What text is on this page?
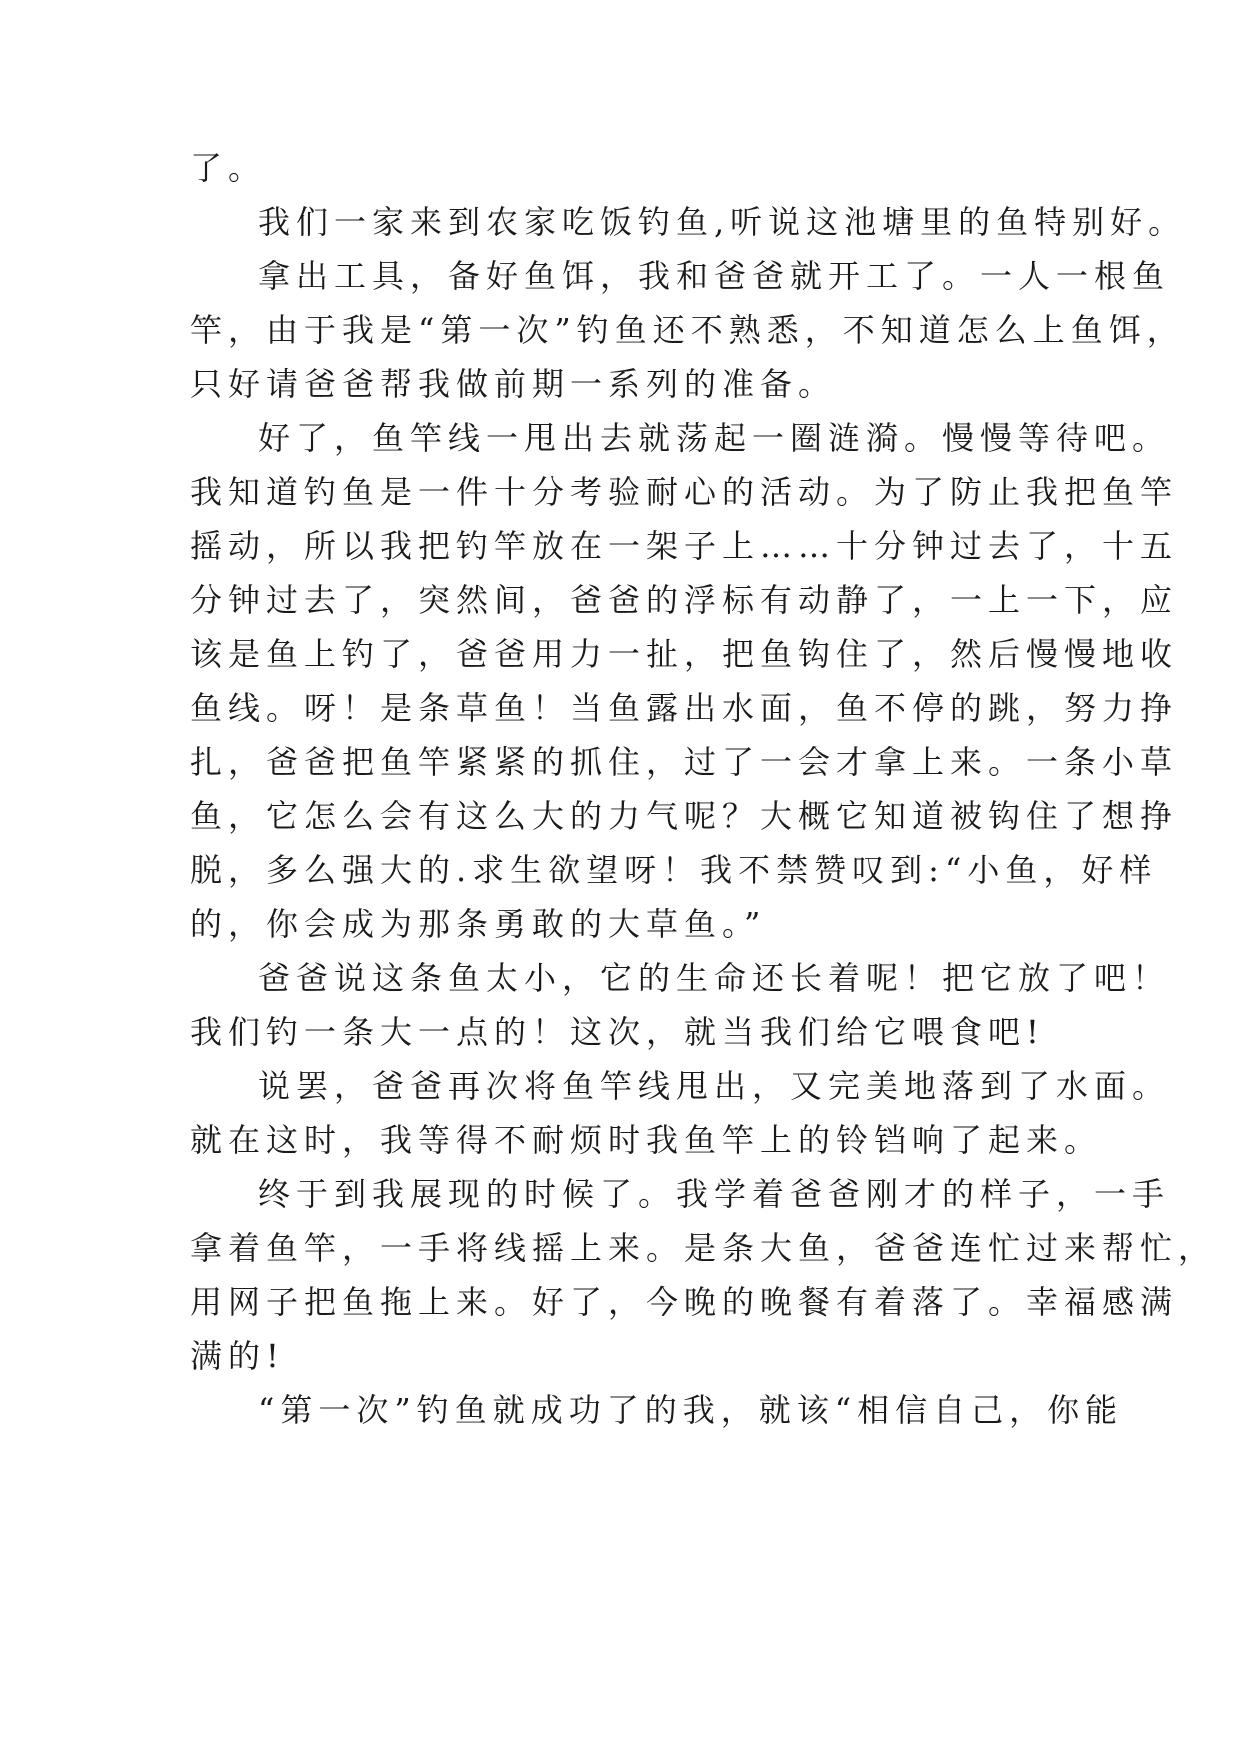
了。
我们一家来到农家吃饭钓鱼,听说这池塘里的鱼特别好。
拿出工具，备好鱼饵，我和爸爸就开工了。一人一根鱼
竿，由于我是“第一次”钓鱼还不熟悉，不知道怎么上鱼饵，
只好请爸爸帮我做前期一系列的准备。
好了，鱼竿线一甩出去就荡起一圈涟漪。慢慢等待吧。
我知道钓鱼是一件十分考验耐心的活动。为了防止我把鱼竿
摇动，所以我把钓竿放在一架子上……十分钟过去了，十五
分钟过去了，突然间，爸爸的浮标有动静了，一上一下，应
该是鱼上钓了，爸爸用力一扯，把鱼钩住了，然后慢慢地收
鱼线。呀！是条草鱼！当鱼露出水面，鱼不停的跳，努力挣
扎，爸爸把鱼竿紧紧的抓住，过了一会才拿上来。一条小草
鱼，它怎么会有这么大的力气呢？大概它知道被钩住了想挣
脱，多么强大的.求生欲望呀！我不禁赞叹到:“小鱼，好样
的，你会成为那条勇敢的大草鱼。”
爸爸说这条鱼太小，它的生命还长着呢！把它放了吧！
我们钓一条大一点的！这次，就当我们给它喂食吧!
说罢，爸爸再次将鱼竿线甩出，又完美地落到了水面。
就在这时，我等得不耐烦时我鱼竿上的铃铛响了起来。
终于到我展现的时候了。我学着爸爸刚才的样子，一手
拿着鱼竿，一手将线摇上来。是条大鱼，爸爸连忙过来帮忙，
用网子把鱼拖上来。好了，今晚的晚餐有着落了。幸福感满
满的!
“第一次”钓鱼就成功了的我，就该“相信自己，你能
